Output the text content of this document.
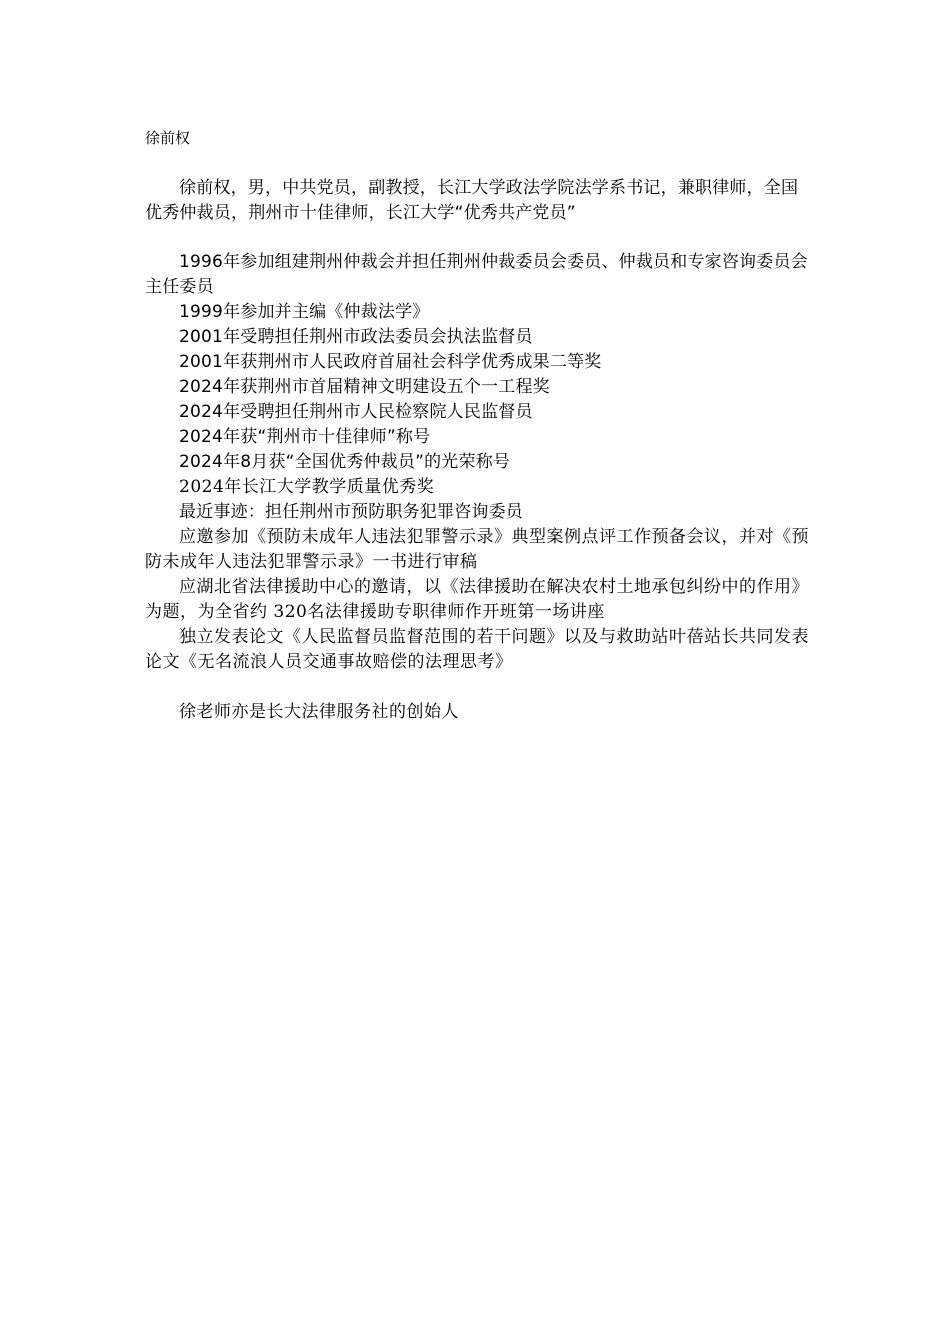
徐前权

徐前权，男，中共党员，副教授，长江大学政法学院法学系书记，兼职律师，全国优秀仲裁员，荆州市十佳律师，长江大学“优秀共产党员”

1996年参加组建荆州仲裁会并担任荆州仲裁委员会委员、仲裁员和专家咨询委员会主任委员

1999年参加并主编《仲裁法学》

2001年受聘担任荆州市政法委员会执法监督员

2001年获荆州市人民政府首届社会科学优秀成果二等奖

2024年获荆州市首届精神文明建设五个一工程奖

2024年受聘担任荆州市人民检察院人民监督员

2024年获“荆州市十佳律师”称号

2024年8月获“全国优秀仲裁员”的光荣称号

2024年长江大学教学质量优秀奖

最近事迹：担任荆州市预防职务犯罪咨询委员

应邀参加《预防未成年人违法犯罪警示录》典型案例点评工作预备会议，并对《预防未成年人违法犯罪警示录》一书进行审稿

应湖北省法律援助中心的邀请，以《法律援助在解决农村土地承包纠纷中的作用》为题，为全省约 320名法律援助专职律师作开班第一场讲座

独立发表论文《人民监督员监督范围的若干问题》以及与救助站叶蓓站长共同发表论文《无名流浪人员交通事故赔偿的法理思考》

徐老师亦是长大法律服务社的创始人
